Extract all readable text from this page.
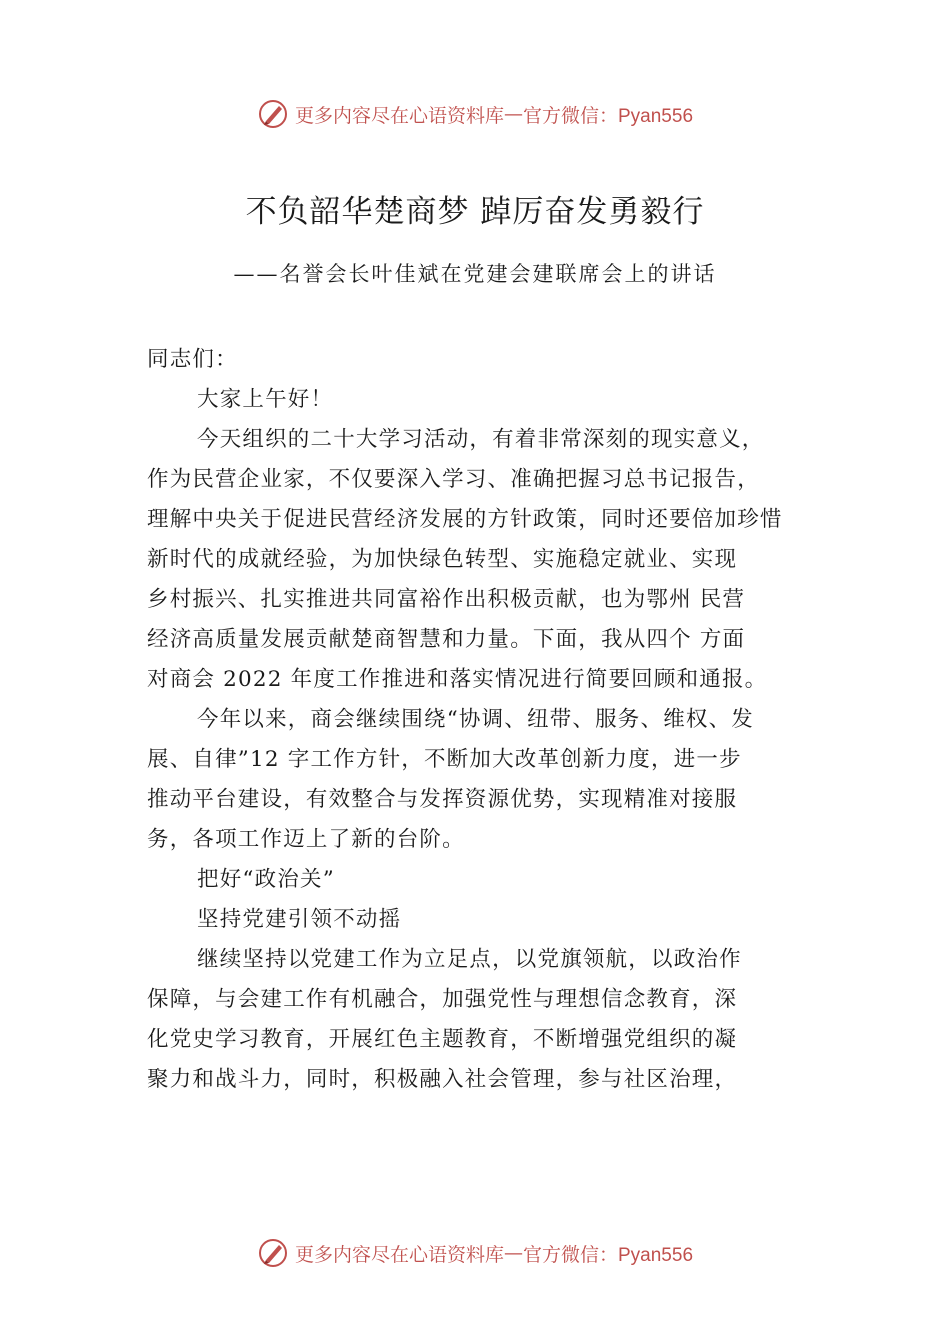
更多内容尽在心语资料库 — 官方微信：Pyan556
不负韶华楚商梦 踔厉奋发勇毅行
——名誉会长叶佳斌在党建会建联席会上的讲话
同志们：
大家上午好！
今天组织的二十大学习活动，有着非常深刻的现实意义，
作为民营企业家，不仅要深入学习、准确把握习总书记报告，
理解中央关于促进民营经济发展的方针政策，同时还要倍加珍惜
新时代的成就经验，为加快绿色转型、实施稳定就业、实现
乡村振兴、扎实推进共同富裕作出积极贡献，也为鄂州 民营
经济高质量发展贡献楚商智慧和力量。下面，我从四个 方面
对商会 2022 年度工作推进和落实情况进行简要回顾和通报。
今年以来，商会继续围绕“协调、纽带、服务、维权、发
展、自律”12 字工作方针，不断加大改革创新力度，进一步
推动平台建设，有效整合与发挥资源优势，实现精准对接服
务，各项工作迈上了新的台阶。
把好“政治关”
坚持党建引领不动摇
继续坚持以党建工作为立足点，以党旗领航，以政治作
保障，与会建工作有机融合，加强党性与理想信念教育，深
化党史学习教育，开展红色主题教育，不断增强党组织的凝
聚力和战斗力，同时，积极融入社会管理，参与社区治理，
更多内容尽在心语资料库 — 官方微信：Pyan556
